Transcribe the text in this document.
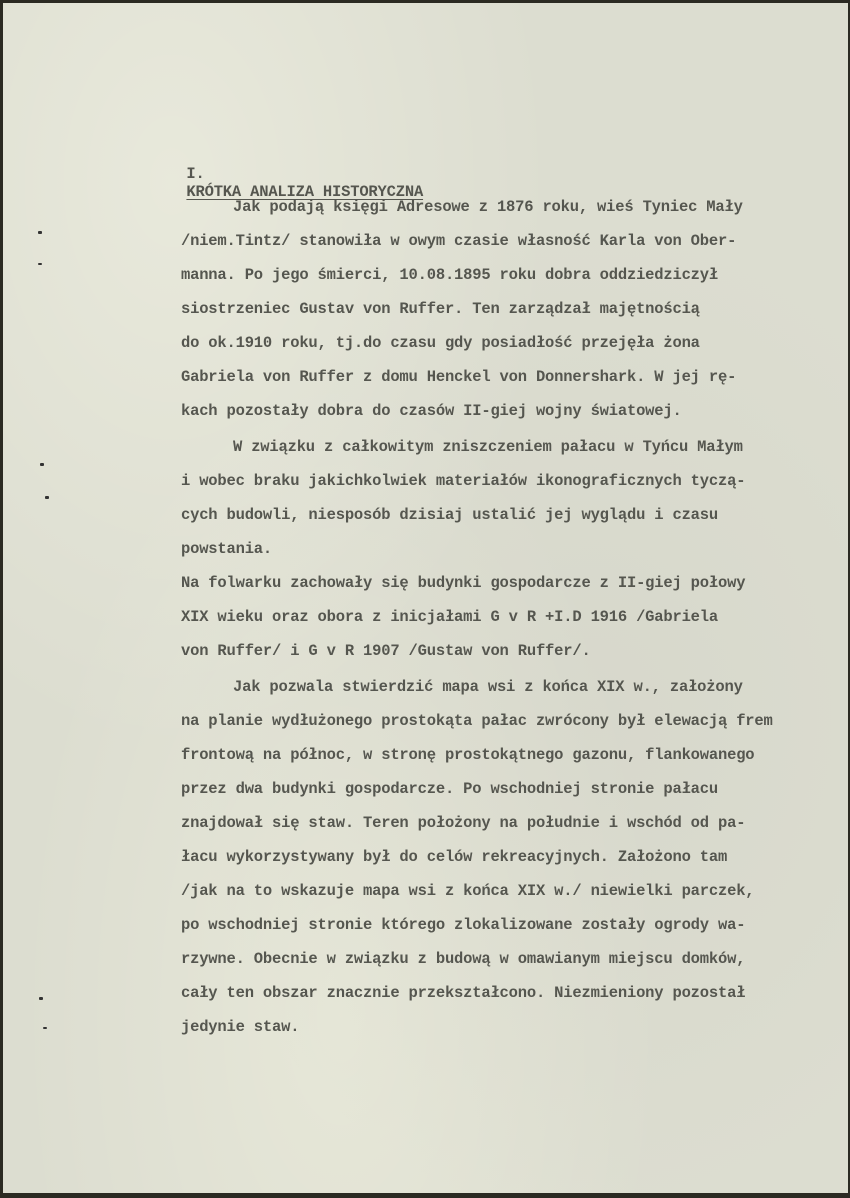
I.
KRÓTKA ANALIZA HISTORYCZNA

Jak podają księgi Adresowe z 1876 roku, wieś Tyniec Mały

/niem.Tintz/ stanowiła w owym czasie własność Karla von Ober-

manna. Po jego śmierci, 10.08.1895 roku dobra oddziedziczył

siostrzeniec Gustav von Ruffer. Ten zarządzał majętnością

do ok.1910 roku, tj.do czasu gdy posiadłość przejęła żona

Gabriela von Ruffer z domu Henckel von Donnershark. W jej rę-

kach pozostały dobra do czasów II-giej wojny światowej.

W związku z całkowitym zniszczeniem pałacu w Tyńcu Małym

i wobec braku jakichkolwiek materiałów ikonograficznych tyczą-

cych budowli, niesposób dzisiaj ustalić jej wyglądu i czasu

powstania.

Na folwarku zachowały się budynki gospodarcze z II-giej połowy

XIX wieku oraz obora z inicjałami G v R +I.D 1916 /Gabriela

von Ruffer/ i G v R 1907 /Gustaw von Ruffer/.

Jak pozwala stwierdzić mapa wsi z końca XIX w., założony

na planie wydłużonego prostokąta pałac zwrócony był elewacją frem

frontową na północ, w stronę prostokątnego gazonu, flankowanego

przez dwa budynki gospodarcze. Po wschodniej stronie pałacu

znajdował się staw. Teren położony na południe i wschód od pa-

łacu wykorzystywany był do celów rekreacyjnych. Założono tam

/jak na to wskazuje mapa wsi z końca XIX w./ niewielki parczek,

po wschodniej stronie którego zlokalizowane zostały ogrody wa-

rzywne. Obecnie w związku z budową w omawianym miejscu domków,

cały ten obszar znacznie przekształcono. Niezmieniony pozostał

jedynie staw.
